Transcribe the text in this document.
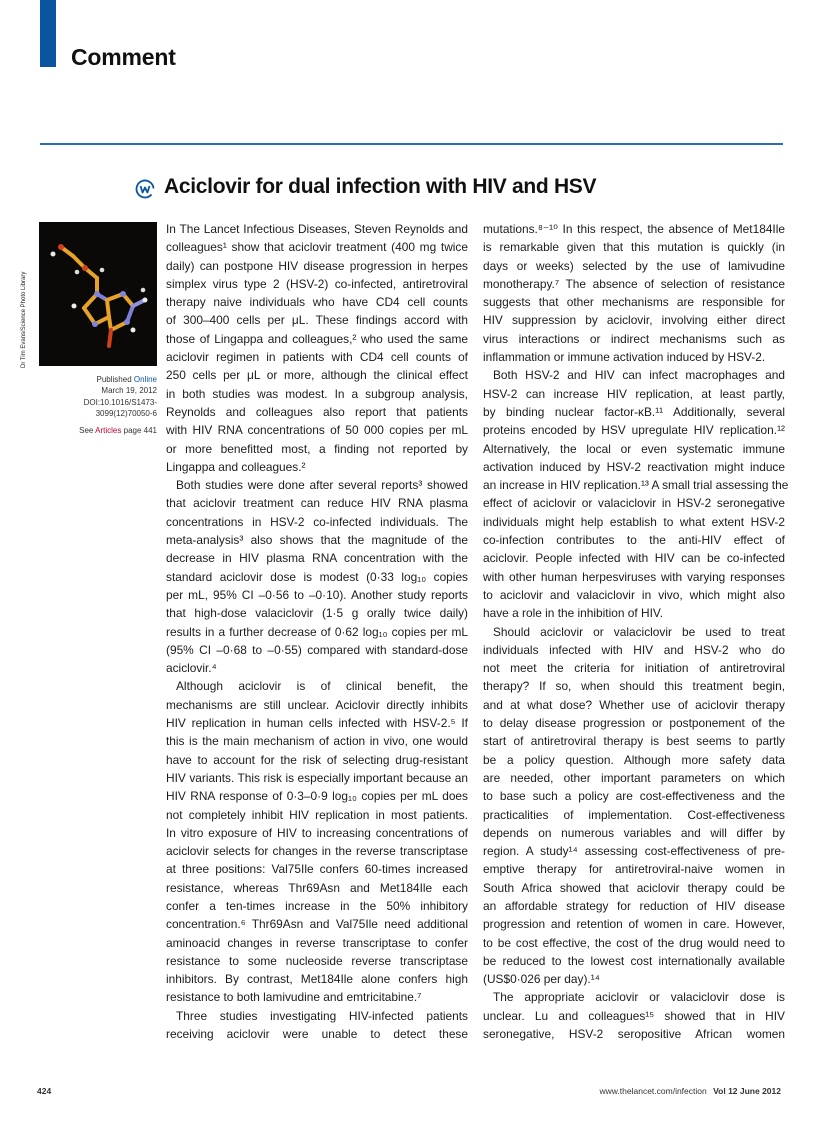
Comment
Aciclovir for dual infection with HIV and HSV
Dr Tim Evans/Science Photo Library
Published Online
March 19, 2012
DOI:10.1016/S1473-
3099(12)70050-6
See Articles page 441
In The Lancet Infectious Diseases, Steven Reynolds and
colleagues¹ show that aciclovir treatment (400 mg twice
daily) can postpone HIV disease progression in herpes
simplex virus type 2 (HSV-2) co-infected, antiretroviral
therapy naive individuals who have CD4 cell counts
of 300–400 cells per μL. These findings accord with
those of Lingappa and colleagues,² who used the same
aciclovir regimen in patients with CD4 cell counts of
250 cells per μL or more, although the clinical effect
in both studies was modest. In a subgroup analysis,
Reynolds and colleagues also report that patients
with HIV RNA concentrations of 50 000 copies per mL
or more benefitted most, a finding not reported by
Lingappa and colleagues.²
Both studies were done after several reports³ showed
that aciclovir treatment can reduce HIV RNA plasma
concentrations in HSV-2 co-infected individuals. The
meta-analysis³ also shows that the magnitude of the
decrease in HIV plasma RNA concentration with the
standard aciclovir dose is modest (0·33 log₁₀ copies
per mL, 95% CI –0·56 to –0·10). Another study reports
that high-dose valaciclovir (1·5 g orally twice daily)
results in a further decrease of 0·62 log₁₀ copies per mL
(95% CI –0·68 to –0·55) compared with standard-dose
aciclovir.⁴
Although aciclovir is of clinical benefit, the
mechanisms are still unclear. Aciclovir directly inhibits
HIV replication in human cells infected with HSV-2.⁵ If
this is the main mechanism of action in vivo, one would
have to account for the risk of selecting drug-resistant
HIV variants. This risk is especially important because an
HIV RNA response of 0·3–0·9 log₁₀ copies per mL does
not completely inhibit HIV replication in most patients.
In vitro exposure of HIV to increasing concentrations of
aciclovir selects for changes in the reverse transcriptase
at three positions: Val75Ile confers 60-times increased
resistance, whereas Thr69Asn and Met184Ile each
confer a ten-times increase in the 50% inhibitory
concentration.⁶ Thr69Asn and Val75Ile need additional
aminoacid changes in reverse transcriptase to confer
resistance to some nucleoside reverse transcriptase
inhibitors. By contrast, Met184Ile alone confers high
resistance to both lamivudine and emtricitabine.⁷
Three studies investigating HIV-infected patients
receiving aciclovir were unable to detect these
mutations.⁸⁻¹⁰ In this respect, the absence of Met184Ile
is remarkable given that this mutation is quickly (in
days or weeks) selected by the use of lamivudine
monotherapy.⁷ The absence of selection of resistance
suggests that other mechanisms are responsible for
HIV suppression by aciclovir, involving either direct
virus interactions or indirect mechanisms such as
inflammation or immune activation induced by HSV-2.
Both HSV-2 and HIV can infect macrophages and
HSV-2 can increase HIV replication, at least partly,
by binding nuclear factor-κB.¹¹ Additionally, several
proteins encoded by HSV upregulate HIV replication.¹²
Alternatively, the local or even systematic immune
activation induced by HSV-2 reactivation might induce
an increase in HIV replication.¹³ A small trial assessing the
effect of aciclovir or valaciclovir in HSV-2 seronegative
individuals might help establish to what extent HSV-2
co-infection contributes to the anti-HIV effect of
aciclovir. People infected with HIV can be co-infected
with other human herpesviruses with varying responses
to aciclovir and valaciclovir in vivo, which might also
have a role in the inhibition of HIV.
Should aciclovir or valaciclovir be used to treat
individuals infected with HIV and HSV-2 who do
not meet the criteria for initiation of antiretroviral
therapy? If so, when should this treatment begin,
and at what dose? Whether use of aciclovir therapy
to delay disease progression or postponement of the
start of antiretroviral therapy is best seems to partly
be a policy question. Although more safety data
are needed, other important parameters on which
to base such a policy are cost-effectiveness and the
practicalities of implementation. Cost-effectiveness
depends on numerous variables and will differ by
region. A study¹⁴ assessing cost-effectiveness of pre-
emptive therapy for antiretroviral-naive women in
South Africa showed that aciclovir therapy could be
an affordable strategy for reduction of HIV disease
progression and retention of women in care. However,
to be cost effective, the cost of the drug would need to
be reduced to the lowest cost internationally available
(US$0·026 per day).¹⁴
The appropriate aciclovir or valaciclovir dose is
unclear. Lu and colleagues¹⁵ showed that in HIV
seronegative, HSV-2 seropositive African women
424	www.thelancet.com/infection Vol 12 June 2012
